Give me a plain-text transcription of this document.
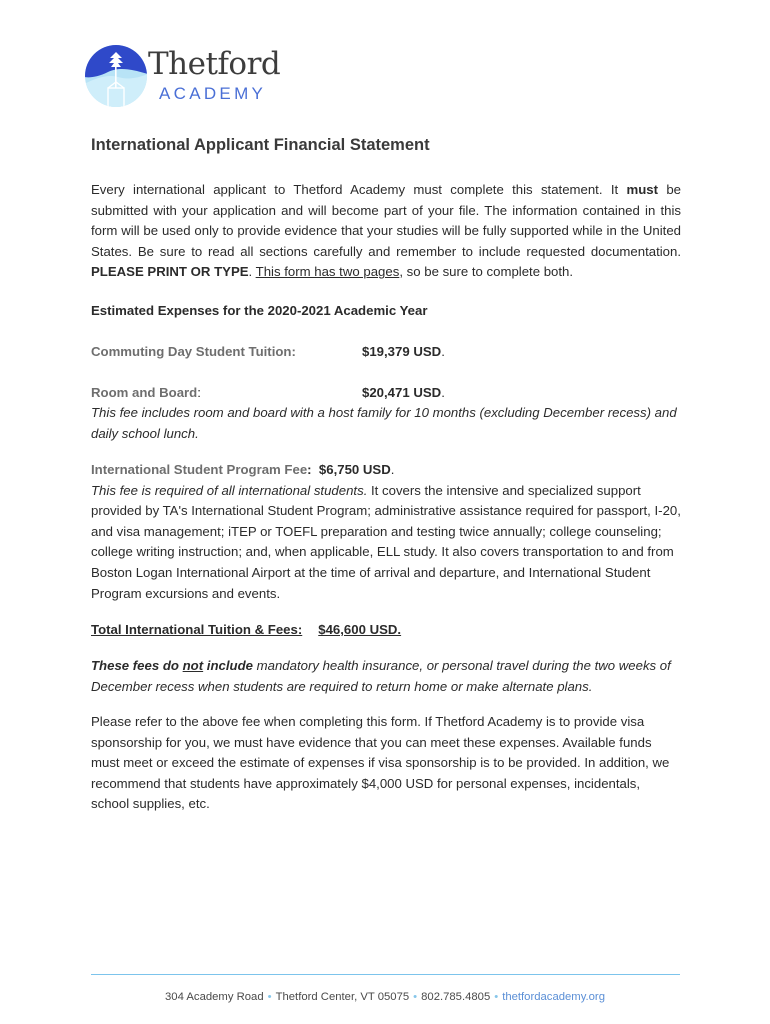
Thetford
ACADEMY
International Applicant Financial Statement

Every international applicant to Thetford Academy must complete this statement. It must be submitted with your application and will become part of your file. The information contained in this form will be used only to provide evidence that your studies will be fully supported while in the United States. Be sure to read all sections carefully and remember to include requested documentation. PLEASE PRINT OR TYPE. This form has two pages, so be sure to complete both.

Estimated Expenses for the 2020-2021 Academic Year
Commuting Day Student Tuition:	$19,379 USD.
Room and Board:	$20,471 USD.

This fee includes room and board with a host family for 10 months (excluding December recess) and daily school lunch.

International Student Program Fee: $6,750 USD.
This fee is required of all international students. It covers the intensive and specialized support provided by TA's International Student Program; administrative assistance required for passport, I-20, and visa management; iTEP or TOEFL preparation and testing twice annually; college counseling; college writing instruction; and, when applicable, ELL study. It also covers transportation to and from Boston Logan International Airport at the time of arrival and departure, and International Student Program excursions and events.

Total International Tuition & Fees: $46,600 USD.

These fees do not include mandatory health insurance, or personal travel during the two weeks of December recess when students are required to return home or make alternate plans.

Please refer to the above fee when completing this form. If Thetford Academy is to provide visa sponsorship for you, we must have evidence that you can meet these expenses. Available funds must meet or exceed the estimate of expenses if visa sponsorship is to be provided. In addition, we recommend that students have approximately $4,000 USD for personal expenses, incidentals, school supplies, etc.

304 Academy Road • Thetford Center, VT 05075 • 802.785.4805 • thetfordacademy.org
